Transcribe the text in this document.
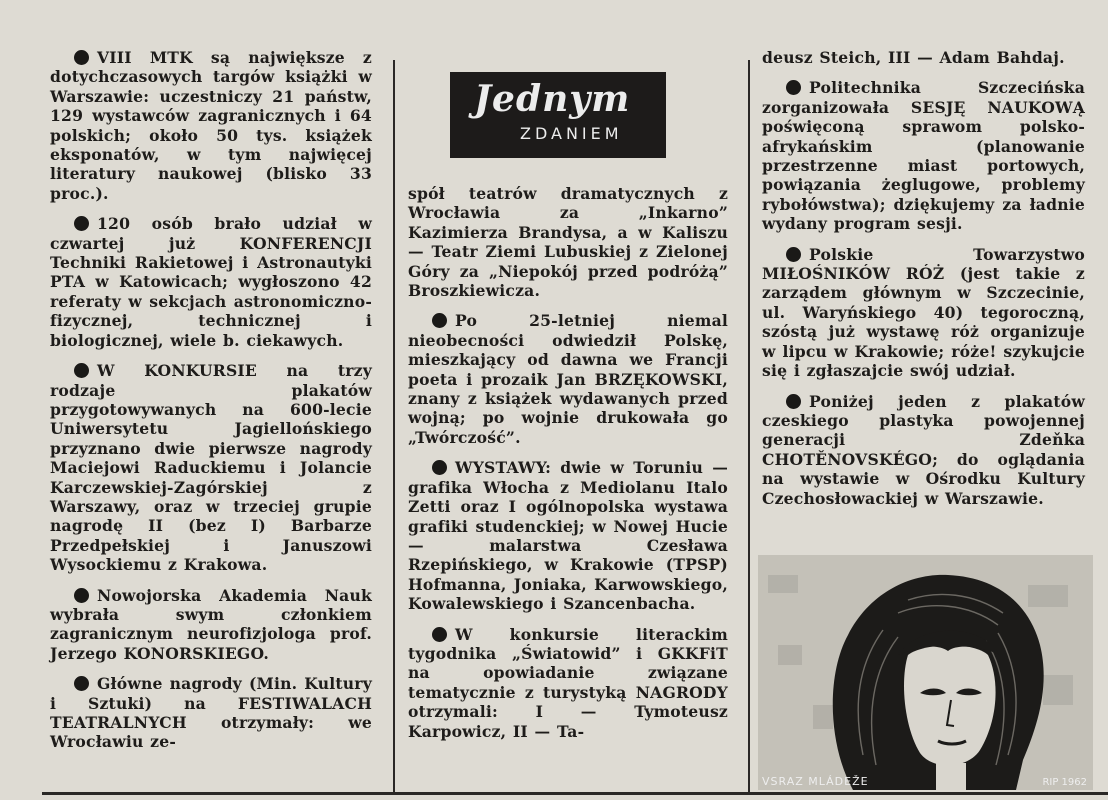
VIII MTK są największe z dotychczasowych targów książki w Warszawie: uczestniczy 21 państw, 129 wystawców zagranicznych i 64 polskich; około 50 tys. książek eksponatów, w tym najwięcej literatury naukowej (blisko 33 proc.).

120 osób brało udział w czwartej już KONFERENCJI Techniki Rakietowej i Astronautyki PTA w Katowicach; wygłoszono 42 referaty w sekcjach astronomiczno-fizycznej, technicznej i biologicznej, wiele b. ciekawych.

W KONKURSIE na trzy rodzaje plakatów przygotowywanych na 600-lecie Uniwersytetu Jagiellońskiego przyznano dwie pierwsze nagrody Maciejowi Raduckiemu i Jolancie Karczewskiej-Zagórskiej z Warszawy, oraz w trzeciej grupie nagrodę II (bez I) Barbarze Przedpełskiej i Januszowi Wysockiemu z Krakowa.

Nowojorska Akademia Nauk wybrała swym członkiem zagranicznym neurofizjologa prof. Jerzego KONORSKIEGO.

Główne nagrody (Min. Kultury i Sztuki) na FESTIWALACH TEATRALNYCH otrzymały: we Wrocławiu ze-

Jednym
ZDANIEM

spół teatrów dramatycznych z Wrocławia za „Inkarno” Kazimierza Brandysa, a w Kaliszu — Teatr Ziemi Lubuskiej z Zielonej Góry za „Niepokój przed podróżą” Broszkiewicza.

Po 25-letniej niemal nieobecności odwiedził Polskę, mieszkający od dawna we Francji poeta i prozaik Jan BRZĘKOWSKI, znany z książek wydawanych przed wojną; po wojnie drukowała go „Twórczość”.

WYSTAWY: dwie w Toruniu — grafika Włocha z Mediolanu Italo Zetti oraz I ogólnopolska wystawa grafiki studenckiej; w Nowej Hucie — malarstwa Czesława Rzepińskiego, w Krakowie (TPSP) Hofmanna, Joniaka, Karwowskiego, Kowalewskiego i Szancenbacha.

W konkursie literackim tygodnika „Światowid” i GKKFiT na opowiadanie związane tematycznie z turystyką NAGRODY otrzymali: I — Tymoteusz Karpowicz, II — Ta-

deusz Steich, III — Adam Bahdaj.

Politechnika Szczecińska zorganizowała SESJĘ NAUKOWĄ poświęconą sprawom polsko-afrykańskim (planowanie przestrzenne miast portowych, powiązania żeglugowe, problemy rybołówstwa); dziękujemy za ładnie wydany program sesji.

Polskie Towarzystwo MIŁOŚNIKÓW RÓŻ (jest takie z zarządem głównym w Szczecinie, ul. Waryńskiego 40) tegoroczną, szóstą już wystawę róż organizuje w lipcu w Krakowie; róże! szykujcie się i zgłaszajcie swój udział.

Poniżej jeden z plakatów czeskiego plastyka powojennej generacji Zdeňka CHOTĚNOVSKÉGO; do oglądania na wystawie w Ośrodku Kultury Czechosłowackiej w Warszawie.

VSRAZ MLÁDEŽE	RIP 1962
